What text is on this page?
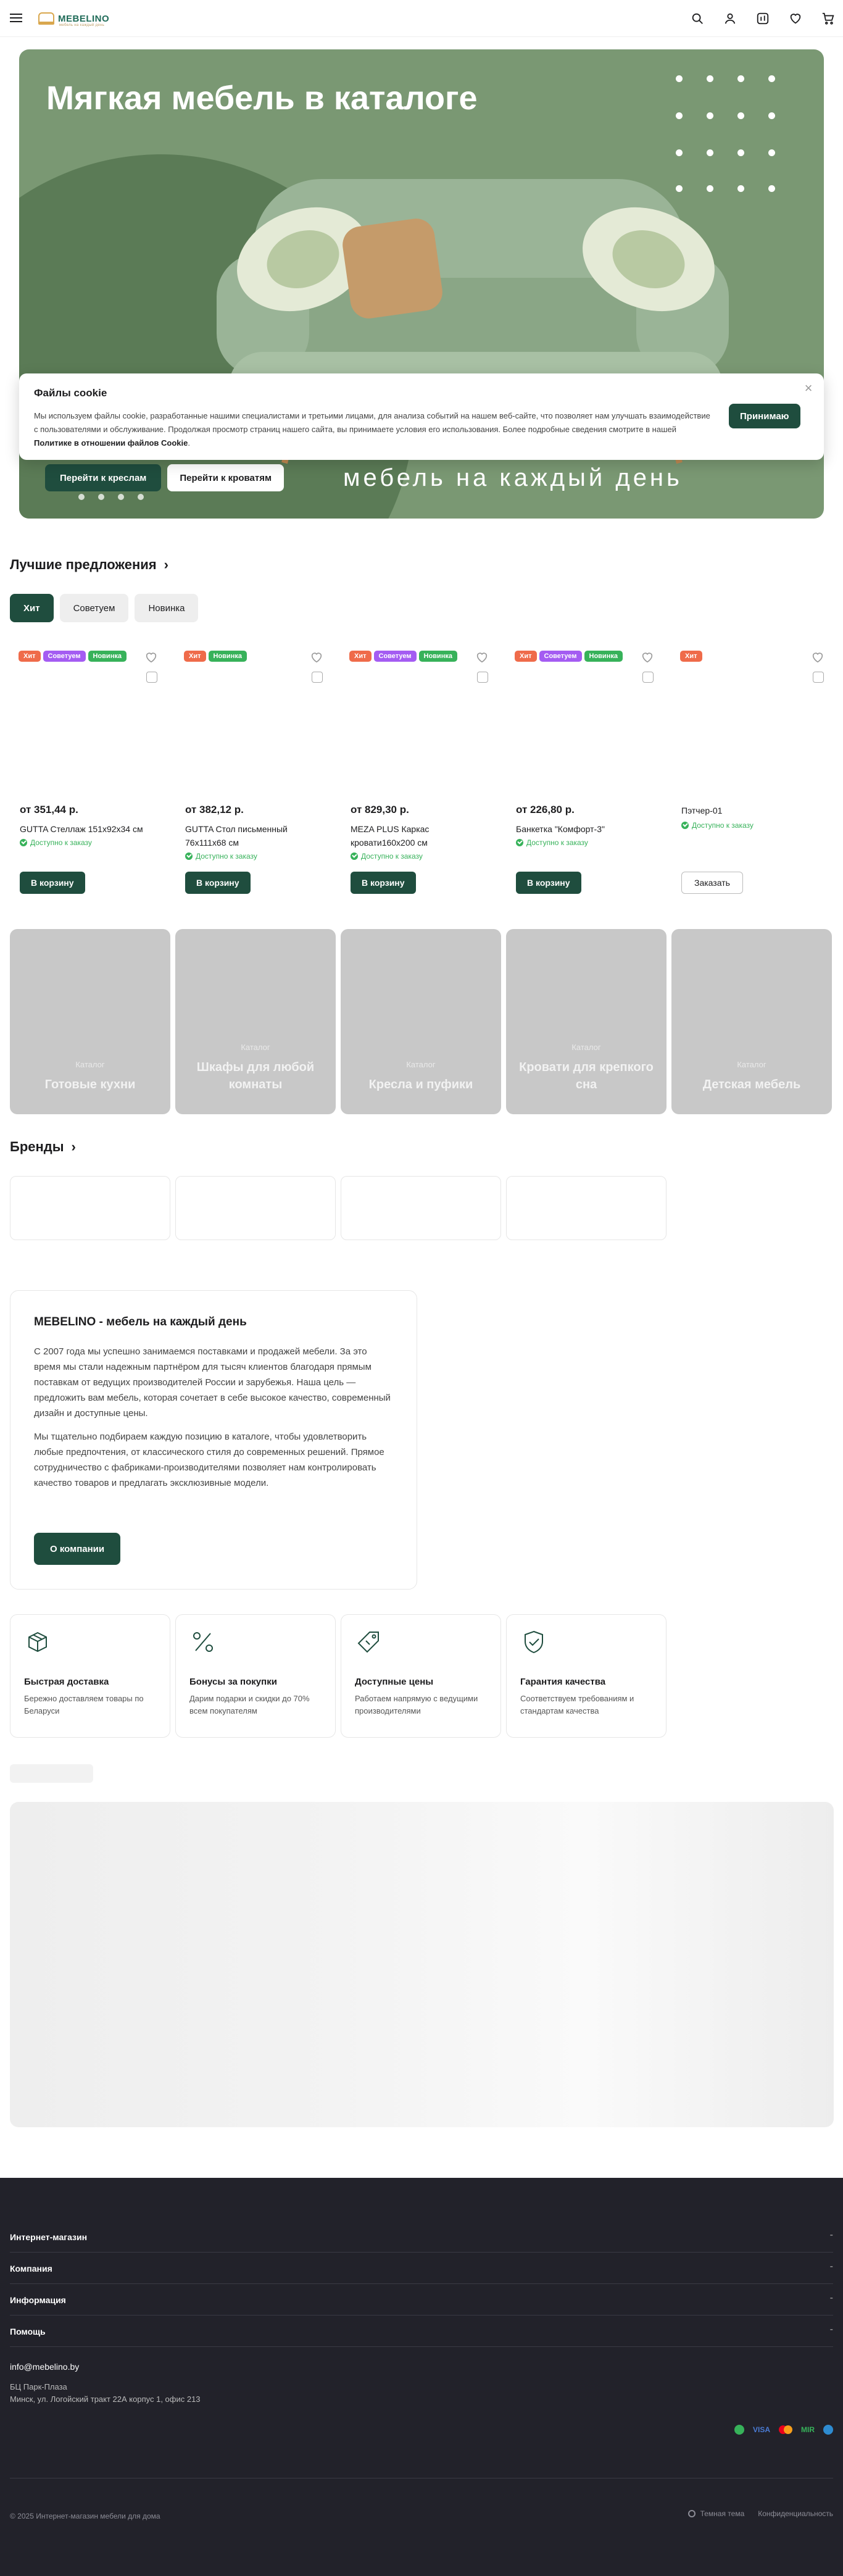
MEBELINO
мебель на каждый день
Мягкая мебель в каталоге
мебель на каждый день
Перейти к креслам	Перейти к кроватям
Файлы cookie
Мы используем файлы cookie, разработанные нашими специалистами и третьими лицами, для анализа событий на нашем веб-сайте, что позволяет нам улучшать взаимодействие с пользователями и обслуживание. Продолжая просмотр страниц нашего сайта, вы принимаете условия его использования. Более подробные сведения смотрите в нашей Политике в отношении файлов Cookie.
Принимаю
×
Лучшие предложения ›
Хит	Советуем	Новинка
Хит	Советуем	Новинка
от 351,44 р.
GUTTA Стеллаж 151x92x34 см
Доступно к заказу
В корзину
Хит	Новинка
от 382,12 р.
GUTTA Стол письменный 76x111x68 см
Доступно к заказу
В корзину
Хит	Советуем	Новинка
от 829,30 р.
MEZA PLUS Каркас кровати160x200 см
Доступно к заказу
В корзину
Хит	Советуем	Новинка
от 226,80 р.
Банкетка "Комфорт-3"
Доступно к заказу
В корзину
Хит
Пэтчер-01
Доступно к заказу
Заказать
Каталог
Готовые кухни
Каталог
Шкафы для любой комнаты
Каталог
Кресла и пуфики
Каталог
Кровати для крепкого сна
Каталог
Детская мебель
Бренды ›
MEBELINO - мебель на каждый день
С 2007 года мы успешно занимаемся поставками и продажей мебели. За это время мы стали надежным партнёром для тысяч клиентов благодаря прямым поставкам от ведущих производителей России и зарубежья. Наша цель — предложить вам мебель, которая сочетает в себе высокое качество, современный дизайн и доступные цены.
Мы тщательно подбираем каждую позицию в каталоге, чтобы удовлетворить любые предпочтения, от классического стиля до современных решений. Прямое сотрудничество с фабриками-производителями позволяет нам контролировать качество товаров и предлагать эксклюзивные модели.
О компании
Быстрая доставка
Бережно доставляем товары по Беларуси
Бонусы за покупки
Дарим подарки и скидки до 70% всем покупателям
Доступные цены
Работаем напрямую с ведущими производителями
Гарантия качества
Соответствуем требованиям и стандартам качества
Интернет-магазин	-
Компания	-
Информация	-
Помощь	-
info@mebelino.by
БЦ Парк-Плаза
Минск, ул. Логойский тракт 22А корпус 1, офис 213
VISA	MIR
© 2025 Интернет-магазин мебели для дома	Темная тема Конфиденциальность
